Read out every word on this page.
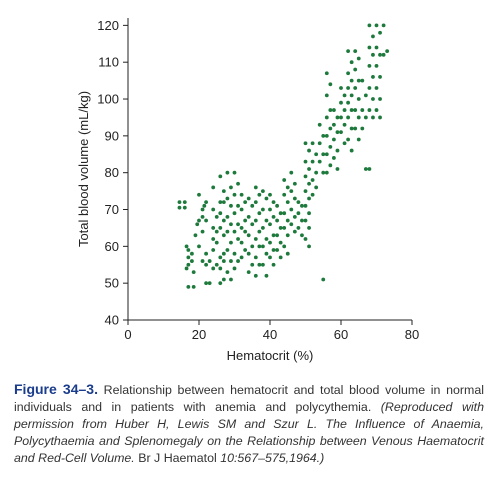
0	20	40	60	80
40
50
60
70
80
90
100
110
120
Hematocrit (%)
Total blood volume (mL/kg)
Figure 34–3. Relationship between hematocrit and total blood volume in normal individuals and in patients with anemia and polycythemia. (Reproduced with permission from Huber H, Lewis SM and Szur L. The Influence of Anaemia, Polycythaemia and Splenomegaly on the Relationship between Venous Haematocrit and Red-Cell Volume. Br J Haematol 10:567–575,1964.)
